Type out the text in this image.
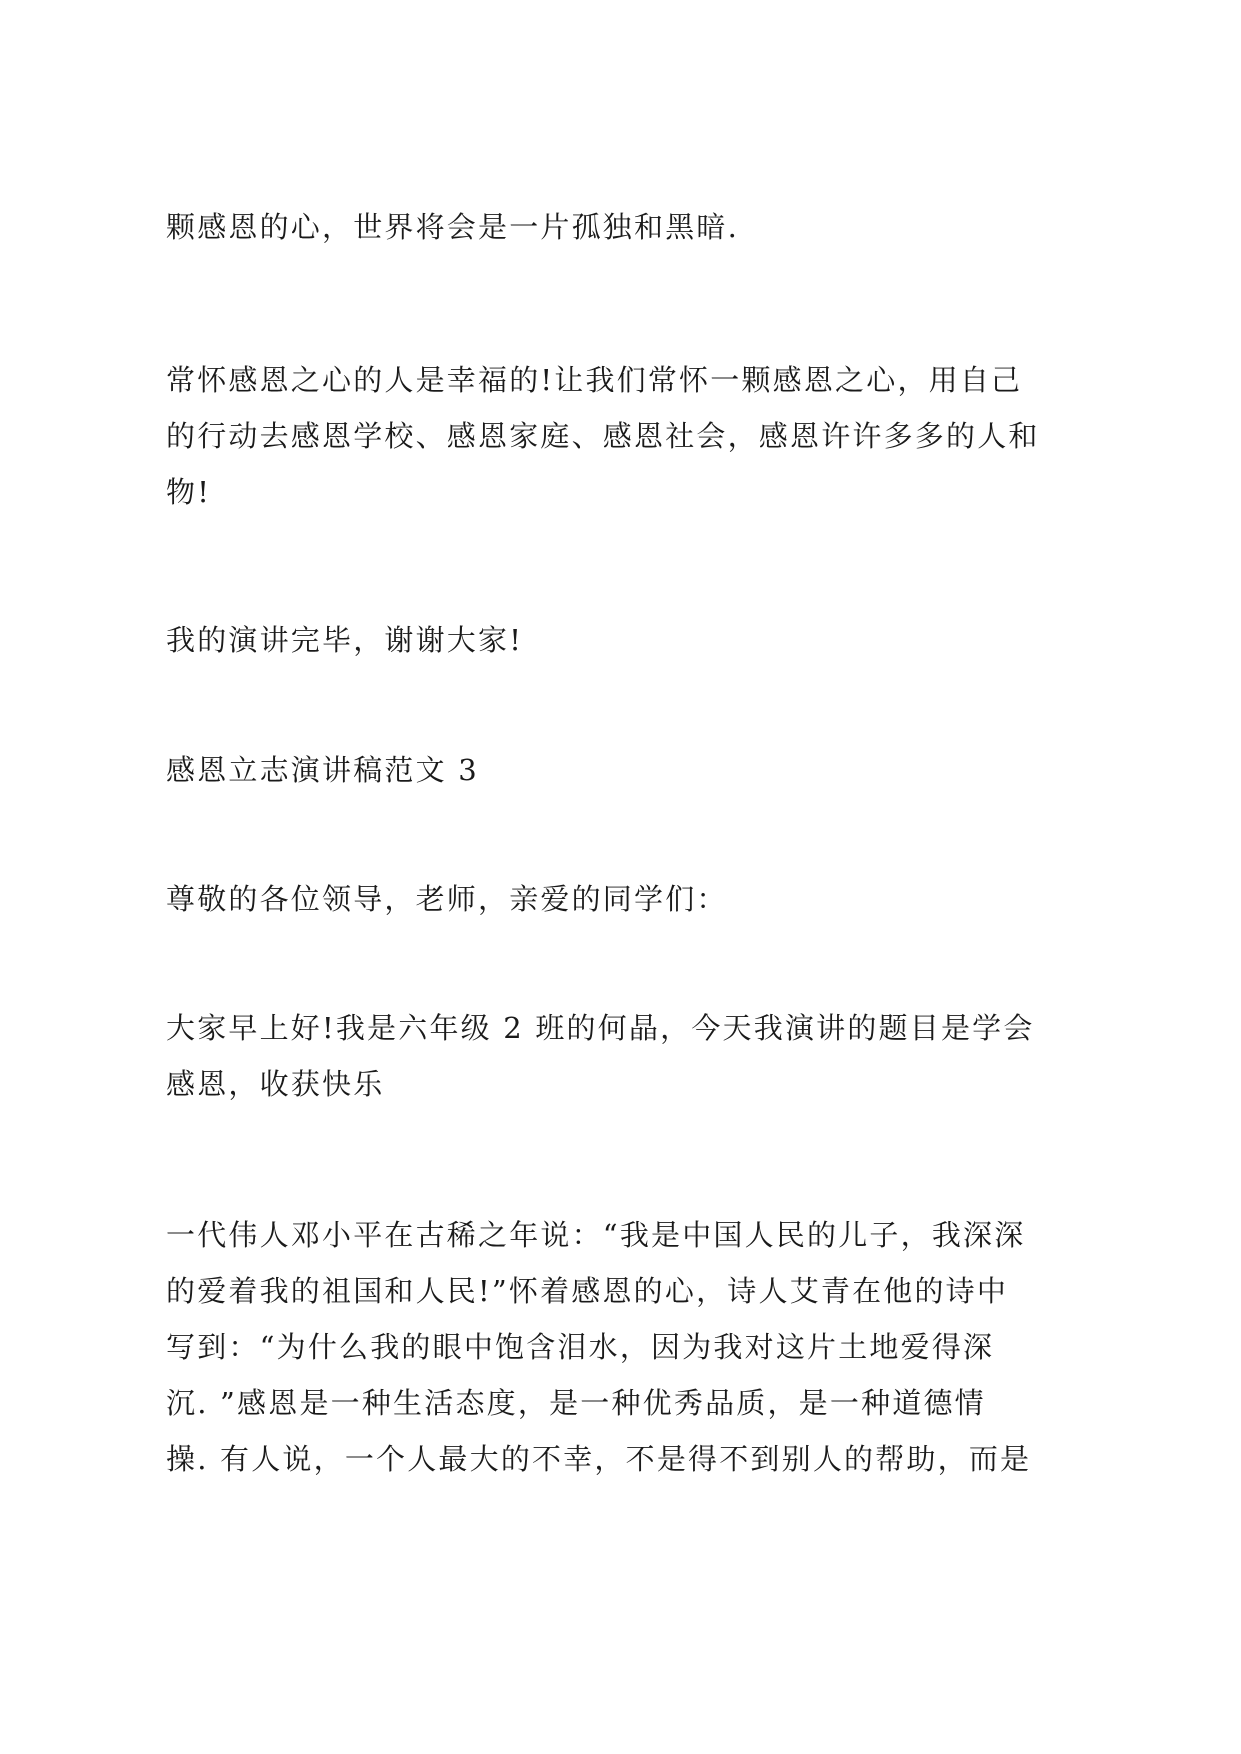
颗感恩的心，世界将会是一片孤独和黑暗.

常怀感恩之心的人是幸福的!让我们常怀一颗感恩之心，用自己
的行动去感恩学校、感恩家庭、感恩社会，感恩许许多多的人和
物!

我的演讲完毕，谢谢大家!

感恩立志演讲稿范文 3

尊敬的各位领导，老师，亲爱的同学们：

大家早上好!我是六年级 2 班的何晶，今天我演讲的题目是学会
感恩，收获快乐

一代伟人邓小平在古稀之年说：“我是中国人民的儿子，我深深
的爱着我的祖国和人民!”怀着感恩的心，诗人艾青在他的诗中
写到：“为什么我的眼中饱含泪水，因为我对这片土地爱得深
沉. ”感恩是一种生活态度，是一种优秀品质，是一种道德情
操. 有人说，一个人最大的不幸，不是得不到别人的帮助，而是
